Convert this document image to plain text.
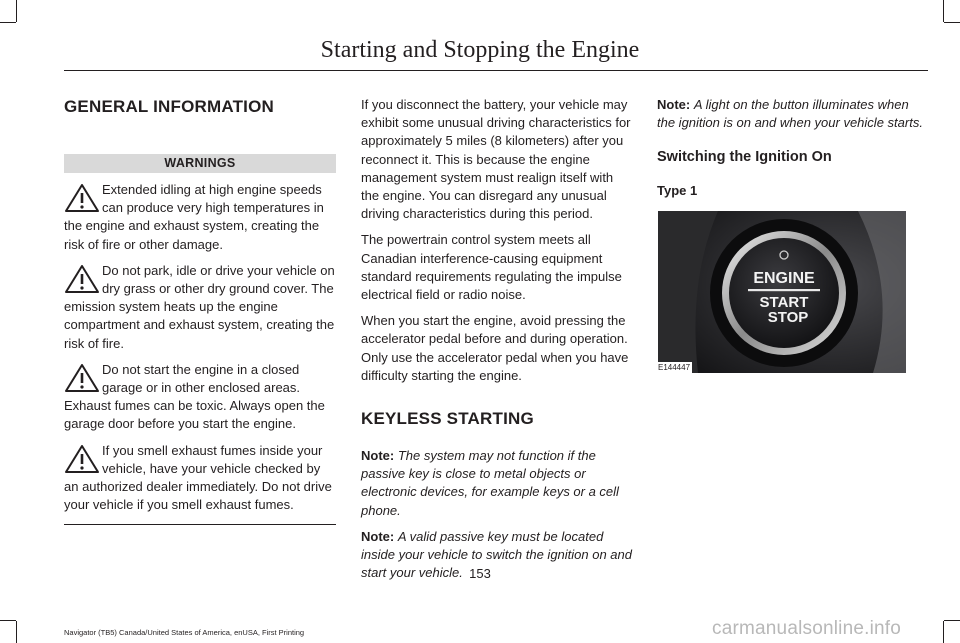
Starting and Stopping the Engine
GENERAL INFORMATION
WARNINGS
Extended idling at high engine speeds can produce very high temperatures in the engine and exhaust system, creating the risk of fire or other damage.
Do not park, idle or drive your vehicle on dry grass or other dry ground cover. The emission system heats up the engine compartment and exhaust system, creating the risk of fire.
Do not start the engine in a closed garage or in other enclosed areas. Exhaust fumes can be toxic. Always open the garage door before you start the engine.
If you smell exhaust fumes inside your vehicle, have your vehicle checked by an authorized dealer immediately. Do not drive your vehicle if you smell exhaust fumes.

If you disconnect the battery, your vehicle may exhibit some unusual driving characteristics for approximately 5 miles (8 kilometers) after you reconnect it. This is because the engine management system must realign itself with the engine. You can disregard any unusual driving characteristics during this period.

The powertrain control system meets all Canadian interference-causing equipment standard requirements regulating the impulse electrical field or radio noise.

When you start the engine, avoid pressing the accelerator pedal before and during operation. Only use the accelerator pedal when you have difficulty starting the engine.

KEYLESS STARTING

Note: The system may not function if the passive key is close to metal objects or electronic devices, for example keys or a cell phone.

Note: A valid passive key must be located inside your vehicle to switch the ignition on and start your vehicle.

Note: A light on the button illuminates when the ignition is on and when your vehicle starts.

Switching the Ignition On
Type 1
ENGINE
START
STOP
E144447
153
Navigator (TB5) Canada/United States of America, enUSA, First Printing	carmanualsonline.info
